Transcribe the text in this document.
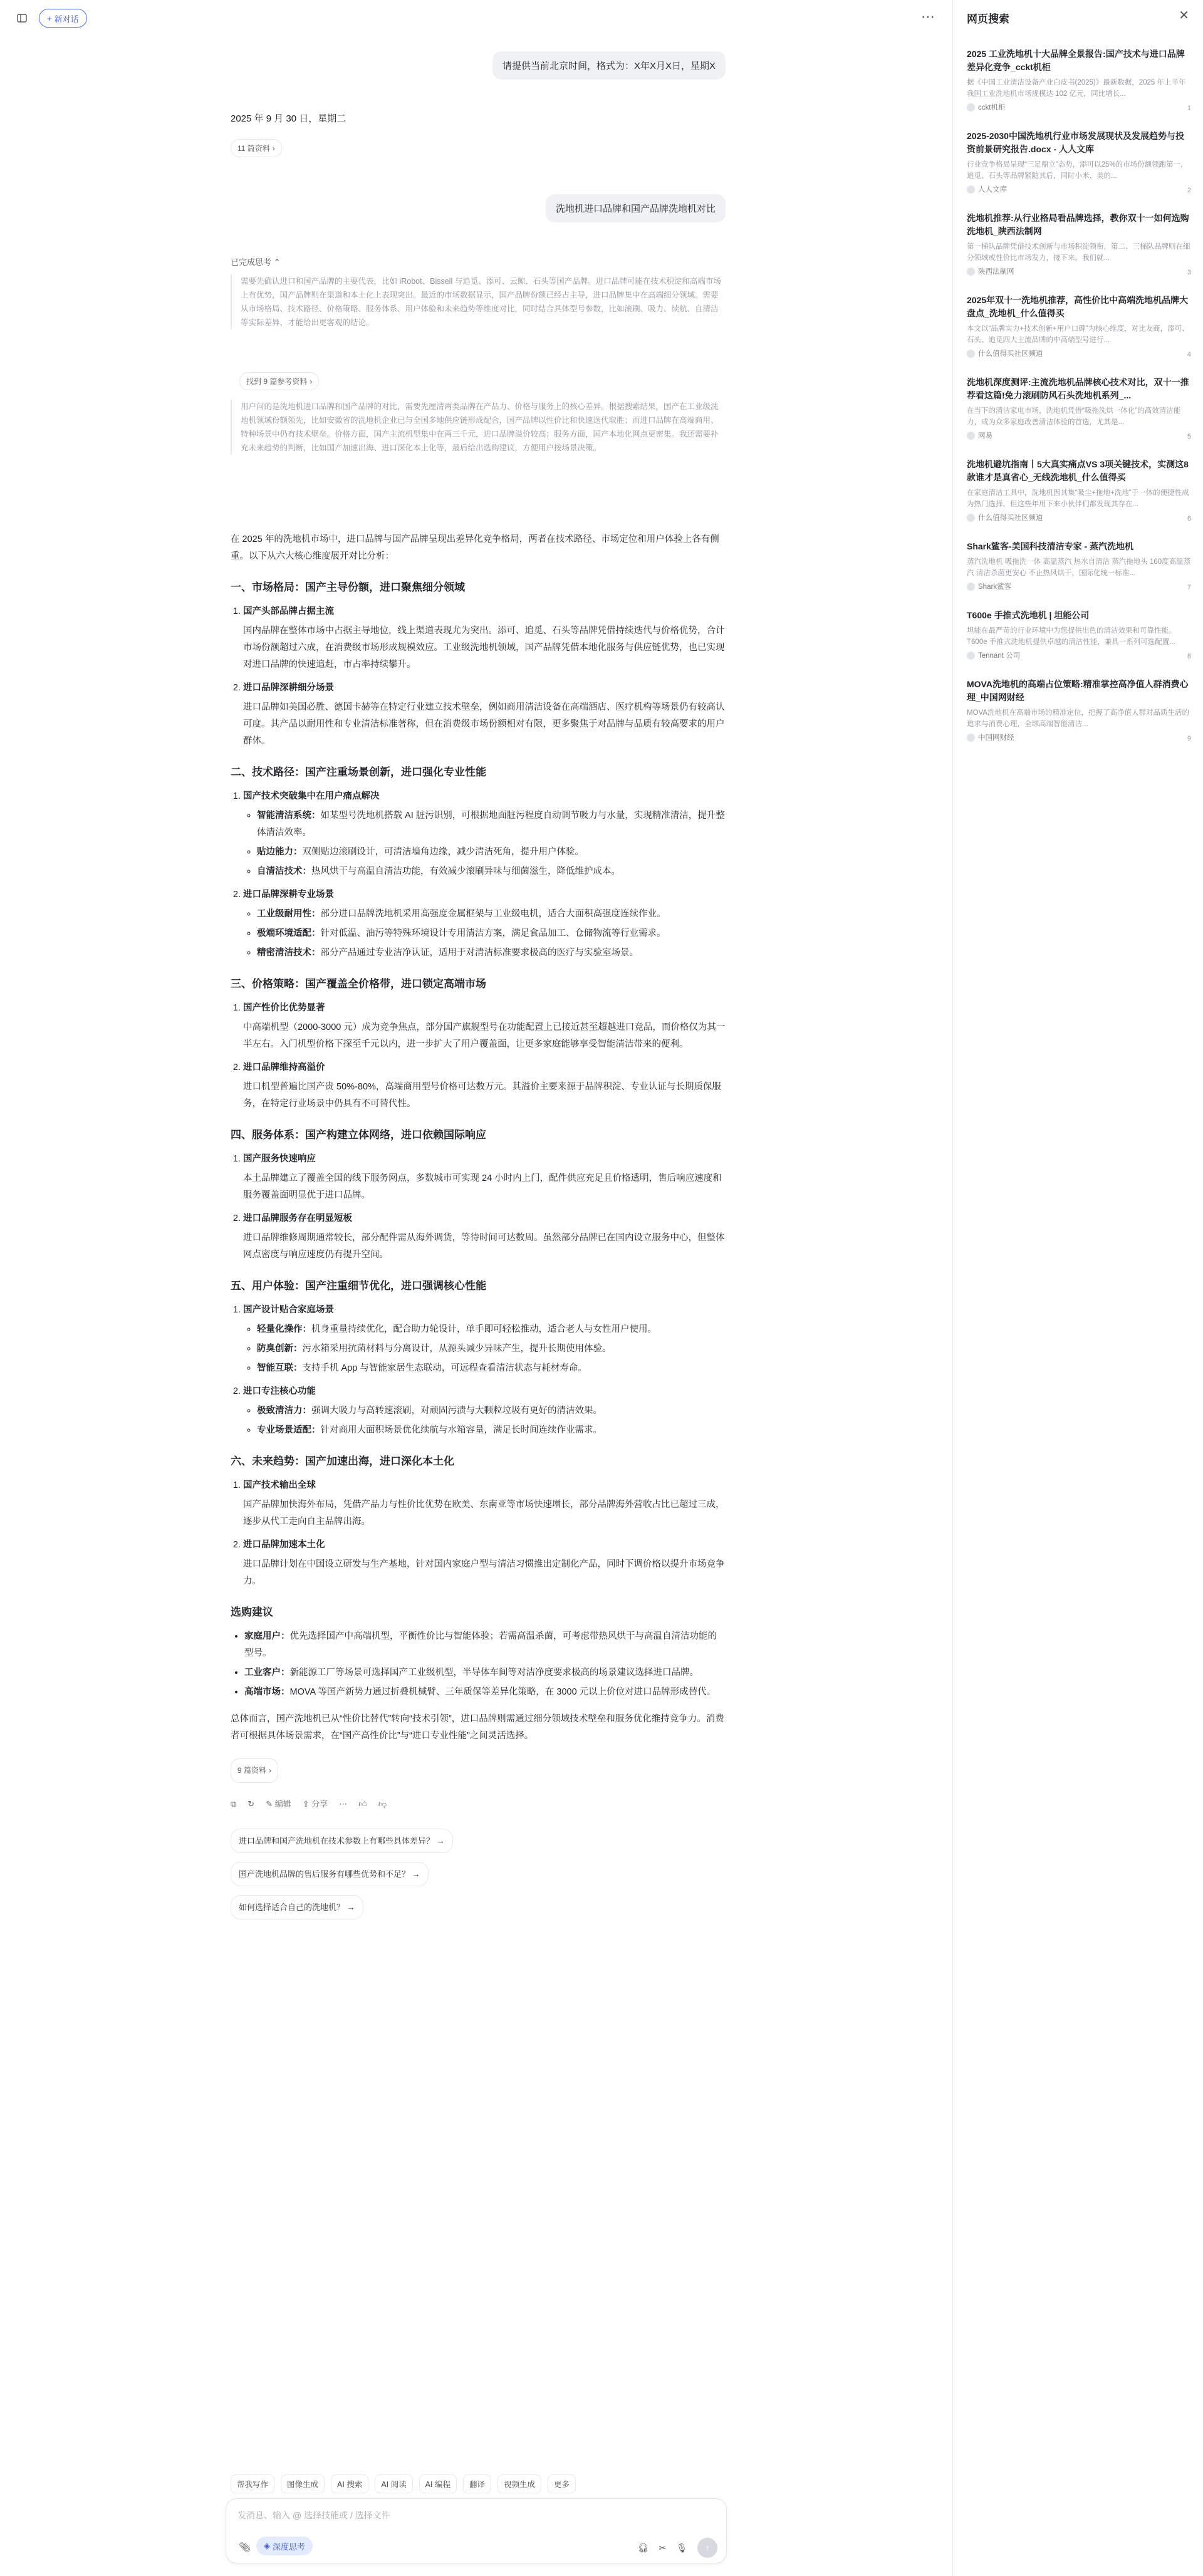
+ 新对话	⋯
请提供当前北京时间，格式为：X年X月X日，星期X
2025 年 9 月 30 日，星期二
11 篇资料 ›
洗地机进口品牌和国产品牌洗地机对比
已完成思考 ⌃
需要先确认进口和国产品牌的主要代表，比如 iRobot、Bissell 与追觅、添可、云鲸、石头等国产品牌。进口品牌可能在技术积淀和高端市场上有优势，国产品牌则在渠道和本土化上表现突出。最近的市场数据显示，国产品牌份额已经占主导，进口品牌集中在高端细分领域。需要从市场格局、技术路径、价格策略、服务体系、用户体验和未来趋势等维度对比，同时结合具体型号参数，比如滚刷、吸力、续航、自清洁等实际差异，才能给出更客观的结论。
找到 9 篇参考资料 ›
用户问的是洗地机进口品牌和国产品牌的对比，需要先厘清两类品牌在产品力、价格与服务上的核心差异。根据搜索结果，国产在工业级洗地机领域份额领先，比如安徽省的洗地机企业已与全国多地供应链形成配合，国产品牌以性价比和快速迭代取胜；而进口品牌在高端商用、特种场景中仍有技术壁垒。价格方面，国产主流机型集中在两三千元，进口品牌溢价较高；服务方面，国产本地化网点更密集。我还需要补充未来趋势的判断，比如国产加速出海、进口深化本土化等，最后给出选购建议，方便用户按场景决策。

在 2025 年的洗地机市场中，进口品牌与国产品牌呈现出差异化竞争格局，两者在技术路径、市场定位和用户体验上各有侧重。以下从六大核心维度展开对比分析：

一、市场格局：国产主导份额，进口聚焦细分领域
1. 国产头部品牌占据主流
国内品牌在整体市场中占据主导地位，线上渠道表现尤为突出。添可、追觅、石头等品牌凭借持续迭代与价格优势，合计市场份额超过六成，在消费级市场形成规模效应。工业级洗地机领域，国产品牌凭借本地化服务与供应链优势，也已实现对进口品牌的快速追赶，市占率持续攀升。
2. 进口品牌深耕细分场景
进口品牌如美国必胜、德国卡赫等在特定行业建立技术壁垒，例如商用清洁设备在高端酒店、医疗机构等场景仍有较高认可度。其产品以耐用性和专业清洁标准著称，但在消费级市场份额相对有限，更多聚焦于对品牌与品质有较高要求的用户群体。
二、技术路径：国产注重场景创新，进口强化专业性能
1. 国产技术突破集中在用户痛点解决
◦ 智能清洁系统：如某型号洗地机搭载 AI 脏污识别，可根据地面脏污程度自动调节吸力与水量，实现精准清洁，提升整体清洁效率。
◦ 贴边能力：双侧贴边滚刷设计，可清洁墙角边缘，减少清洁死角，提升用户体验。
◦ 自清洁技术：热风烘干与高温自清洁功能，有效减少滚刷异味与细菌滋生，降低维护成本。
2. 进口品牌深耕专业场景
◦ 工业级耐用性：部分进口品牌洗地机采用高强度金属框架与工业级电机，适合大面积高强度连续作业。
◦ 极端环境适配：针对低温、油污等特殊环境设计专用清洁方案，满足食品加工、仓储物流等行业需求。
◦ 精密清洁技术：部分产品通过专业洁净认证，适用于对清洁标准要求极高的医疗与实验室场景。
三、价格策略：国产覆盖全价格带，进口锁定高端市场
1. 国产性价比优势显著
中高端机型（2000-3000 元）成为竞争焦点，部分国产旗舰型号在功能配置上已接近甚至超越进口竞品，而价格仅为其一半左右。入门机型价格下探至千元以内，进一步扩大了用户覆盖面，让更多家庭能够享受智能清洁带来的便利。
2. 进口品牌维持高溢价
进口机型普遍比国产贵 50%-80%，高端商用型号价格可达数万元。其溢价主要来源于品牌积淀、专业认证与长期质保服务，在特定行业场景中仍具有不可替代性。
四、服务体系：国产构建立体网络，进口依赖国际响应
1. 国产服务快速响应
本土品牌建立了覆盖全国的线下服务网点，多数城市可实现 24 小时内上门，配件供应充足且价格透明，售后响应速度和服务覆盖面明显优于进口品牌。
2. 进口品牌服务存在明显短板
进口品牌维修周期通常较长，部分配件需从海外调货，等待时间可达数周。虽然部分品牌已在国内设立服务中心，但整体网点密度与响应速度仍有提升空间。
五、用户体验：国产注重细节优化，进口强调核心性能
1. 国产设计贴合家庭场景
◦ 轻量化操作：机身重量持续优化，配合助力轮设计，单手即可轻松推动，适合老人与女性用户使用。
◦ 防臭创新：污水箱采用抗菌材料与分离设计，从源头减少异味产生，提升长期使用体验。
◦ 智能互联：支持手机 App 与智能家居生态联动，可远程查看清洁状态与耗材寿命。
2. 进口专注核心功能
◦ 极致清洁力：强调大吸力与高转速滚刷，对顽固污渍与大颗粒垃圾有更好的清洁效果。
◦ 专业场景适配：针对商用大面积场景优化续航与水箱容量，满足长时间连续作业需求。
六、未来趋势：国产加速出海，进口深化本土化
1. 国产技术输出全球
国产品牌加快海外布局，凭借产品力与性价比优势在欧美、东南亚等市场快速增长，部分品牌海外营收占比已超过三成，逐步从代工走向自主品牌出海。
2. 进口品牌加速本土化
进口品牌计划在中国设立研发与生产基地，针对国内家庭户型与清洁习惯推出定制化产品，同时下调价格以提升市场竞争力。
选购建议
• 家庭用户：优先选择国产中高端机型，平衡性价比与智能体验；若需高温杀菌，可考虑带热风烘干与高温自清洁功能的型号。
• 工业客户：新能源工厂等场景可选择国产工业级机型，半导体车间等对洁净度要求极高的场景建议选择进口品牌。
• 高端市场：MOVA 等国产新势力通过折叠机械臂、三年质保等差异化策略，在 3000 元以上价位对进口品牌形成替代。

总体而言，国产洗地机已从“性价比替代”转向“技术引领”，进口品牌则需通过细分领域技术壁垒和服务优化维持竞争力。消费者可根据具体场景需求，在“国产高性价比”与“进口专业性能”之间灵活选择。

9 篇资料 ›
⧉ ↻ ✎ 编辑 ⇪ 分享 ⋯ 👍︎ 👎︎
进口品牌和国产洗地机在技术参数上有哪些具体差异？ →
国产洗地机品牌的售后服务有哪些优势和不足？ →
如何选择适合自己的洗地机？ →
帮我写作	图像生成	AI 搜索	AI 阅读	AI 编程	翻译	视频生成	更多
发消息、输入 @ 选择技能或 / 选择文件
📎︎ ◈ 深度思考	🎧︎ ✂ 🎙︎	↑
网页搜索	✕
2025 工业洗地机十大品牌全景报告:国产技术与进口品牌差异化竞争_cckt机柜
据《中国工业清洁设备产业白皮书(2025)》最新数据，2025 年上半年我国工业洗地机市场规模达 102 亿元，同比增长...
cckt机柜	1
2025-2030中国洗地机行业市场发展现状及发展趋势与投资前景研究报告.docx - 人人文库
行业竞争格局呈现“三足鼎立”态势，添可以25%的市场份额领跑第一，追觅、石头等品牌紧随其后，同时小米、美的...
人人文库	2
洗地机推荐:从行业格局看品牌选择，教你双十一如何选购洗地机_陕西法制网
第一梯队品牌凭借技术创新与市场积淀领衔，第二、三梯队品牌则在细分领域或性价比市场发力，接下来，我们就...
陕西法制网	3
2025年双十一洗地机推荐，高性价比中高端洗地机品牌大盘点_洗地机_什么值得买
本文以“品牌实力+技术创新+用户口碑”为核心维度，对比友商，添可、石头、追觅四大主流品牌的中高端型号进行...
什么值得买社区频道	4
洗地机深度测评:主流洗地机品牌核心技术对比，双十一推荐看这篇!免力滚刷防风石头洗地机系列_...
在当下的清洁家电市场，洗地机凭借“吸拖洗烘一体化”的高效清洁能力，成为众多家庭改善清洁体验的首选，尤其是...
网易	5
洗地机避坑指南丨5大真实痛点VS 3项关键技术，实测这8款谁才是真省心_无线洗地机_什么值得买
在家庭清洁工具中，洗地机因其集“吸尘+拖地+洗地”于一体的便捷性成为热门选择，但这些年用下来小伙伴们都发现其存在...
什么值得买社区频道	6
Shark鲨客-美国科技清洁专家 - 蒸汽洗地机
蒸汽洗地机 吸拖洗一体 高温蒸汽 热水自清洁 蒸汽拖地头 160度高温蒸汽 清洁杀菌更安心 不止热风烘干，国际化统一标准...
Shark鲨客	7
T600e 手推式洗地机 | 坦能公司
坦能在最严苛的行业环境中为您提供出色的清洁效果和可靠性能。T600e 手推式洗地机提供卓越的清洁性能，兼具一系列可选配置...
Tennant 公司	8
MOVA洗地机的高端占位策略:精准掌控高净值人群消费心理_中国网财经
MOVA洗地机在高端市场的精准定位，把握了高净值人群对品质生活的追求与消费心理，全球高端智能清洁...
中国网财经	9
